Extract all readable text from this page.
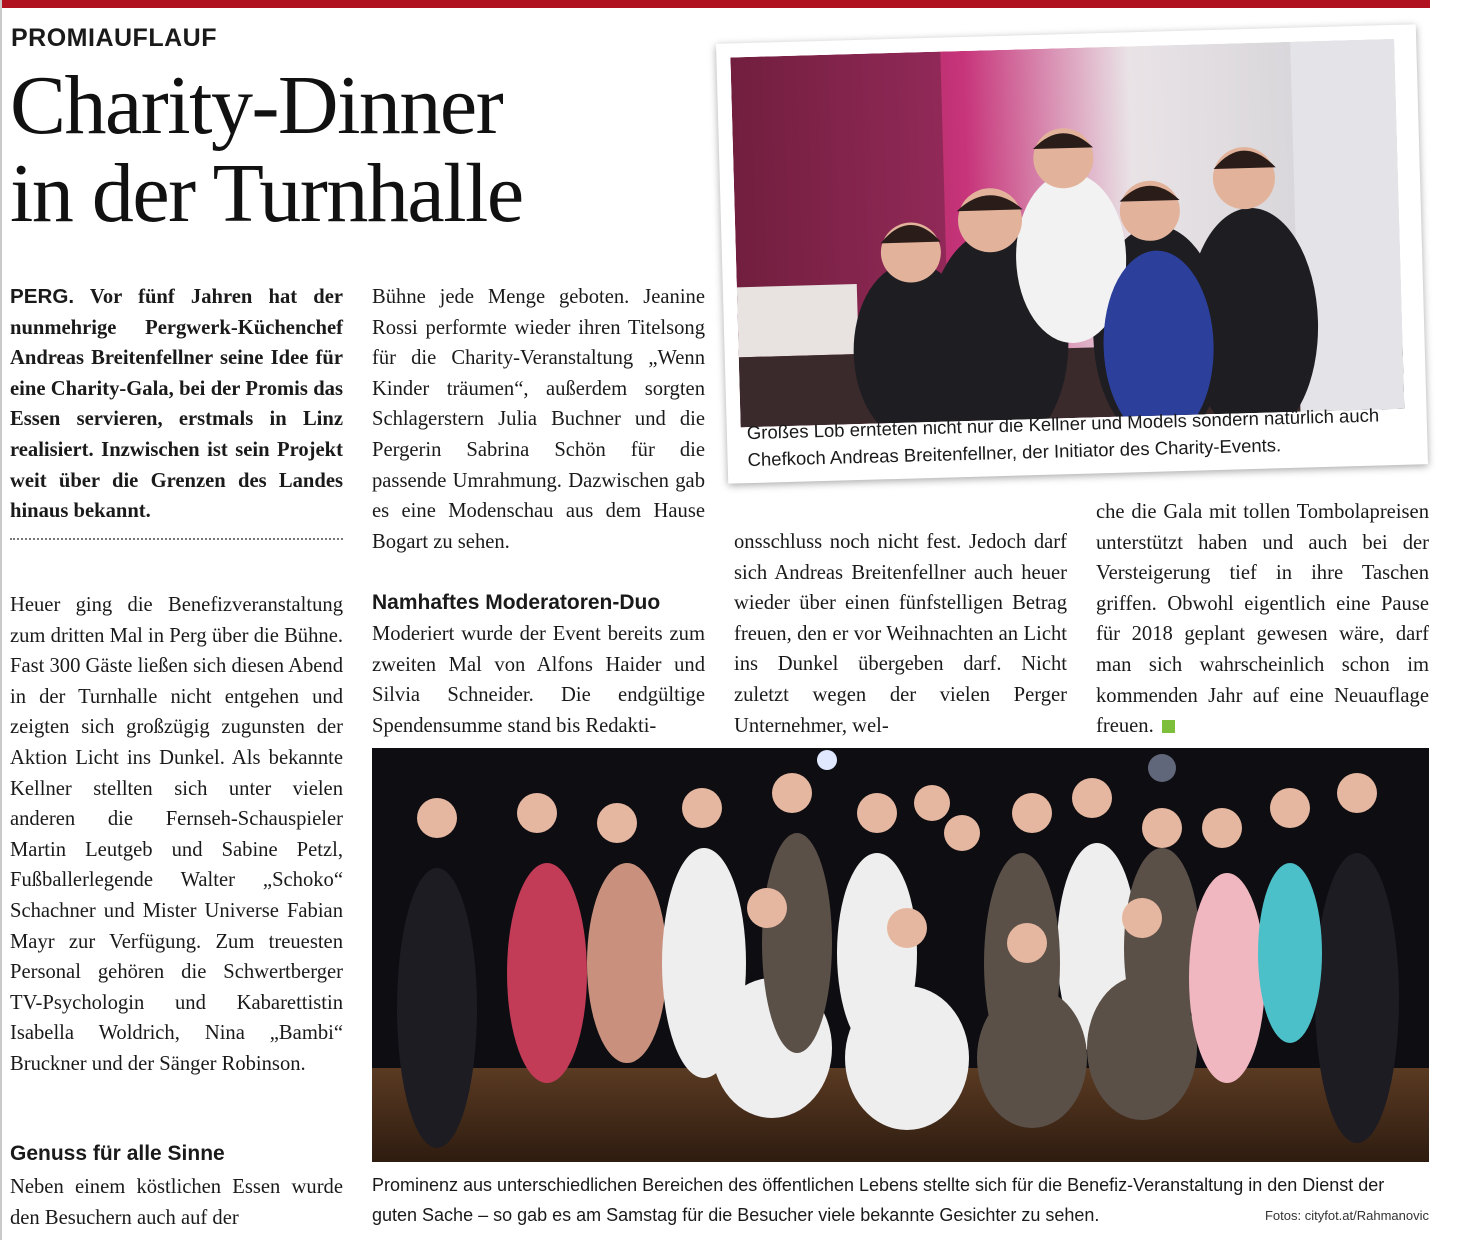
PROMIAUFLAUF
Charity-Dinner
in der Turnhalle

PERG. Vor fünf Jahren hat der nunmehrige Pergwerk-Küchenchef Andreas Breitenfellner seine Idee für eine Charity-Gala, bei der Promis das Essen servieren, erstmals in Linz realisiert. Inzwischen ist sein Projekt weit über die Grenzen des Landes hinaus bekannt.

Heuer ging die Benefizveranstaltung zum dritten Mal in Perg über die Bühne. Fast 300 Gäste ließen sich diesen Abend in der Turnhalle nicht entgehen und zeigten sich großzügig zugunsten der Aktion Licht ins Dunkel. Als bekannte Kellner stellten sich unter vielen anderen die Fernseh-Schauspieler Martin Leutgeb und Sabine Petzl, Fußballerlegende Walter „Schoko“ Schachner und Mister Universe Fabian Mayr zur Verfügung. Zum treuesten Personal gehören die Schwertberger TV-Psychologin und Kabarettistin Isabella Woldrich, Nina „Bambi“ Bruckner und der Sänger Robinson.

Genuss für alle Sinne

Neben einem köstlichen Essen wurde den Besuchern auch auf der

Bühne jede Menge geboten. Jeanine Rossi performte wieder ihren Titelsong für die Charity-Veranstaltung „Wenn Kinder träumen“, außerdem sorgten Schlagerstern Julia Buchner und die Pergerin Sabrina Schön für die passende Umrahmung. Dazwischen gab es eine Modenschau aus dem Hause Bogart zu sehen.

Namhaftes Moderatoren-Duo

Moderiert wurde der Event bereits zum zweiten Mal von Alfons Haider und Silvia Schneider. Die endgültige Spendensumme stand bis Redakti-

onsschluss noch nicht fest. Jedoch darf sich Andreas Breitenfellner auch heuer wieder über einen fünfstelligen Betrag freuen, den er vor Weihnachten an Licht ins Dunkel übergeben darf. Nicht zuletzt wegen der vielen Perger Unternehmer, wel-

che die Gala mit tollen Tombolapreisen unterstützt haben und auch bei der Versteigerung tief in ihre Taschen griffen. Obwohl eigentlich eine Pause für 2018 geplant gewesen wäre, darf man sich wahrscheinlich schon im kommenden Jahr auf eine Neuauflage freuen.

Großes Lob ernteten nicht nur die Kellner und Models sondern natürlich auch Chefkoch Andreas Breitenfellner, der Initiator des Charity-Events.
Prominenz aus unterschiedlichen Bereichen des öffentlichen Lebens stellte sich für die Benefiz-Veranstaltung in den Dienst der guten Sache – so gab es am Samstag für die Besucher viele bekannte Gesichter zu sehen.	Fotos: cityfot.at/Rahmanovic
